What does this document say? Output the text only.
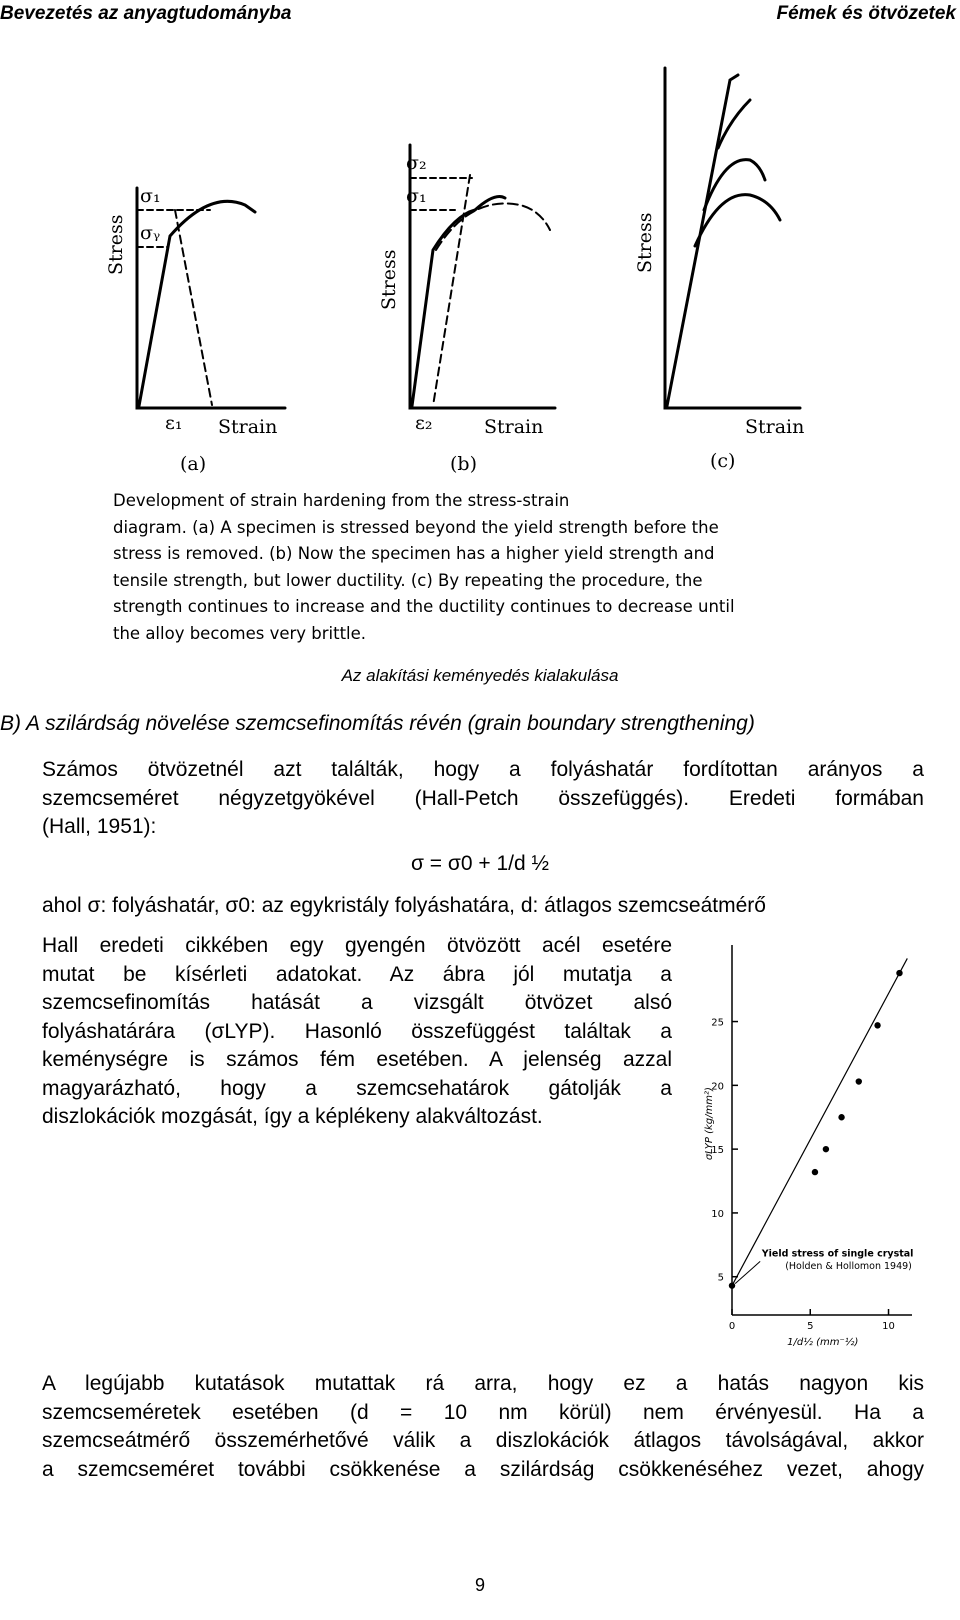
Bevezetés az anyagtudományba	Fémek és ötvözetek
Stress
σ₁
σᵧ
ε₁ Strain
(a)
Stress
σ₂
σ₁
ε₂	Strain
(b)
Stress
Strain
(c)
Development of strain hardening from the stress-strain
diagram. (a) A specimen is stressed beyond the yield strength before the
stress is removed. (b) Now the specimen has a higher yield strength and
tensile strength, but lower ductility. (c) By repeating the procedure, the
strength continues to increase and the ductility continues to decrease until
the alloy becomes very brittle.
Az alakítási keményedés kialakulása
B) A szilárdság növelése szemcsefinomítás révén (grain boundary strengthening)
Számos ötvözetnél azt találták, hogy a folyáshatár fordítottan arányos a
szemcseméret négyzetgyökével (Hall-Petch összefüggés). Eredeti formában
(Hall, 1951):
σ = σ0 + 1/d ½
ahol σ: folyáshatár, σ0: az egykristály folyáshatára, d: átlagos szemcseátmérő
Hall eredeti cikkében egy gyengén ötvözött acél esetére
mutat be kísérleti adatokat. Az ábra jól mutatja a
szemcsefinomítás hatását a vizsgált ötvözet alsó
folyáshatárára (σLYP). Hasonló összefüggést találtak a
keménységre is számos fém esetében. A jelenség azzal
magyarázható, hogy a szemcsehatárok gátolják a
diszlokációk mozgását, így a képlékeny alakváltozást.
5
10
15
20
25
0	5	10
1/d½ (mm⁻½)
σLYP (kg/mm²)
Yield stress of single crystal
(Holden & Hollomon 1949)
A legújabb kutatások mutattak rá arra, hogy ez a hatás nagyon kis
szemcseméretek esetében (d = 10 nm körül) nem érvényesül. Ha a
szemcseátmérő összemérhetővé válik a diszlokációk átlagos távolságával, akkor
a szemcseméret további csökkenése a szilárdság csökkenéséhez vezet, ahogy
9
